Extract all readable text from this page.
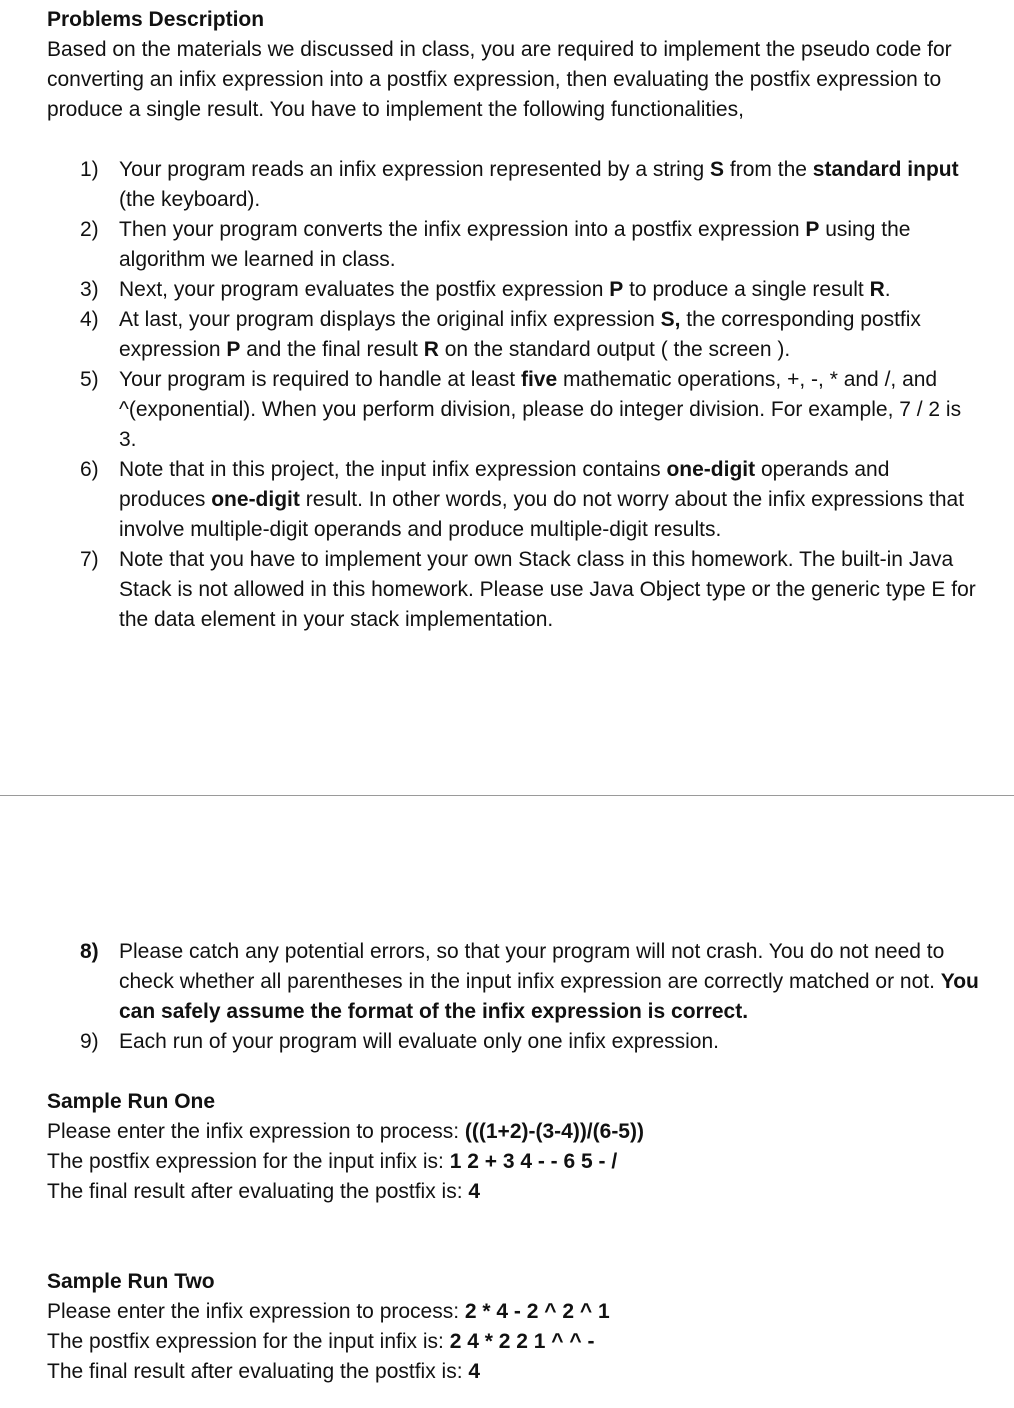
Problems Description
Based on the materials we discussed in class, you are required to implement the pseudo code for converting an infix expression into a postfix expression, then evaluating the postfix expression to produce a single result. You have to implement the following functionalities,
1) Your program reads an infix expression represented by a string S from the standard input (the keyboard).
2) Then your program converts the infix expression into a postfix expression P using the algorithm we learned in class.
3) Next, your program evaluates the postfix expression P to produce a single result R.
4) At last, your program displays the original infix expression S, the corresponding postfix expression P and the final result R on the standard output ( the screen ).
5) Your program is required to handle at least five mathematic operations, +, -, * and /, and ^(exponential). When you perform division, please do integer division. For example, 7 / 2 is 3.
6) Note that in this project, the input infix expression contains one-digit operands and produces one-digit result. In other words, you do not worry about the infix expressions that involve multiple-digit operands and produce multiple-digit results.
7) Note that you have to implement your own Stack class in this homework. The built-in Java Stack is not allowed in this homework. Please use Java Object type or the generic type E for the data element in your stack implementation.
8) Please catch any potential errors, so that your program will not crash. You do not need to check whether all parentheses in the input infix expression are correctly matched or not. You can safely assume the format of the infix expression is correct.
9) Each run of your program will evaluate only one infix expression.
Sample Run One
Please enter the infix expression to process: (((1+2)-(3-4))/(6-5))
The postfix expression for the input infix is: 1 2 + 3 4 - - 6 5 - /
The final result after evaluating the postfix is: 4
Sample Run Two
Please enter the infix expression to process: 2 * 4 - 2 ^ 2 ^ 1
The postfix expression for the input infix is: 2 4 * 2 2 1 ^ ^ -
The final result after evaluating the postfix is: 4
